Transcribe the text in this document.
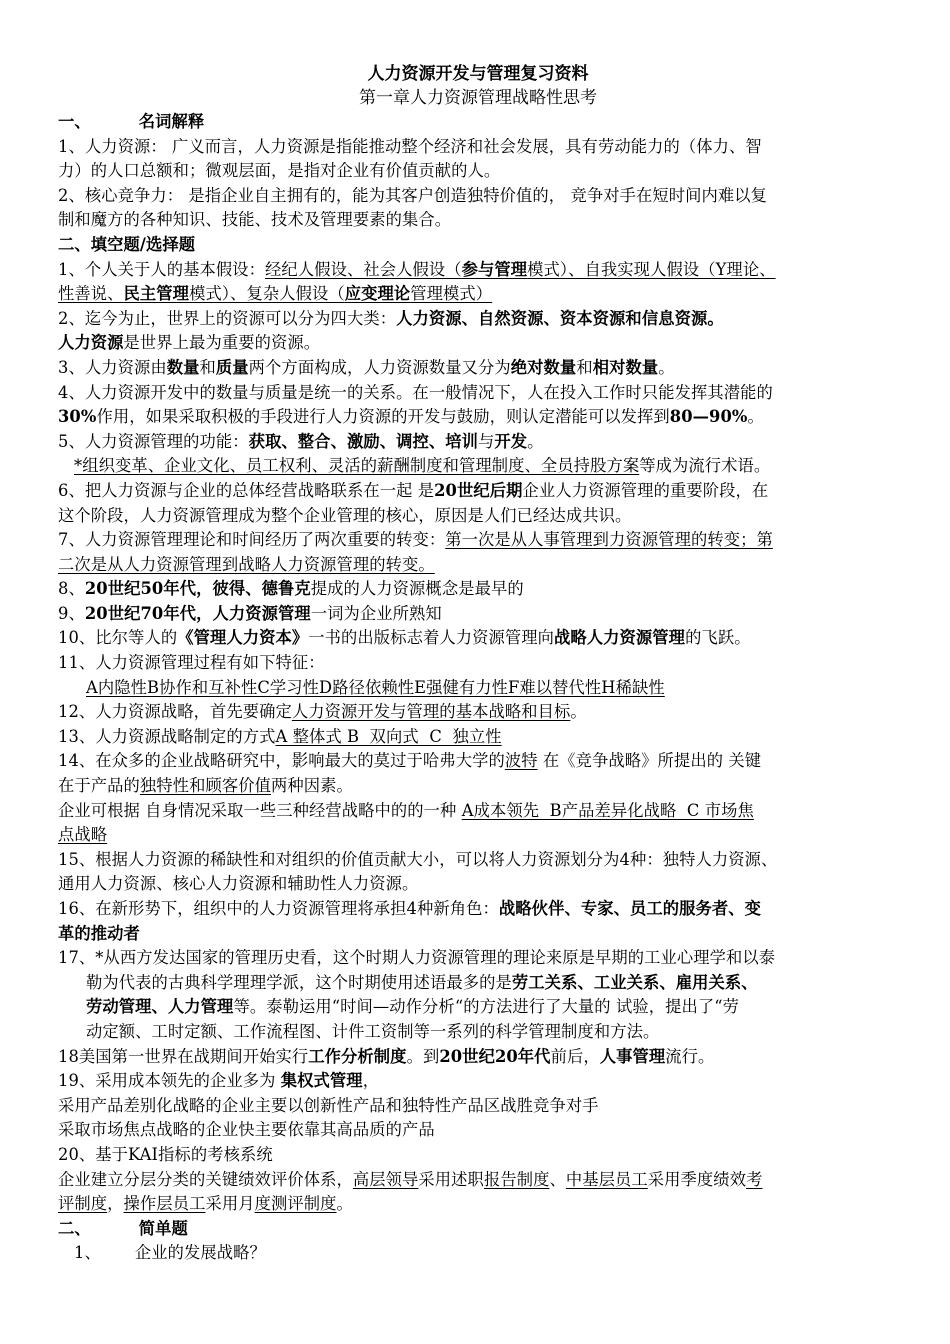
人力资源开发与管理复习资料
第一章人力资源管理战略性思考
一、	名词解释
1、人力资源： 广义而言，人力资源是指能推动整个经济和社会发展，具有劳动能力的（体力、智
力）的人口总额和；微观层面，是指对企业有价值贡献的人。
2、核心竞争力： 是指企业自主拥有的，能为其客户创造独特价值的， 竞争对手在短时间内难以复
制和魔方的各种知识、技能、技术及管理要素的集合。
二、填空题/选择题
1、个人关于人的基本假设：经纪人假设、社会人假设（参与管理模式）、自我实现人假设（Y理论、
性善说、民主管理模式）、复杂人假设（应变理论管理模式）
2、迄今为止，世界上的资源可以分为四大类：人力资源、自然资源、资本资源和信息资源。
人力资源是世界上最为重要的资源。
3、人力资源由数量和质量两个方面构成，人力资源数量又分为绝对数量和相对数量。
4、人力资源开发中的数量与质量是统一的关系。在一般情况下，人在投入工作时只能发挥其潜能的
30%作用，如果采取积极的手段进行人力资源的开发与鼓励，则认定潜能可以发挥到80—90%。
5、人力资源管理的功能：获取、整合、激励、调控、培训与开发。
*组织变革、企业文化、员工权利、灵活的薪酬制度和管理制度、全员持股方案等成为流行术语。
6、把人力资源与企业的总体经营战略联系在一起 是20世纪后期企业人力资源管理的重要阶段，在
这个阶段，人力资源管理成为整个企业管理的核心，原因是人们已经达成共识。
7、人力资源管理理论和时间经历了两次重要的转变：第一次是从人事管理到力资源管理的转变；第
二次是从人力资源管理到战略人力资源管理的转变。
8、20世纪50年代，彼得、德鲁克提成的人力资源概念是最早的
9、20世纪70年代，人力资源管理一词为企业所熟知
10、比尔等人的《管理人力资本》一书的出版标志着人力资源管理向战略人力资源管理的飞跃。
11、人力资源管理过程有如下特征：
A内隐性B协作和互补性C学习性D路径依赖性E强健有力性F难以替代性H稀缺性
12、人力资源战略，首先要确定人力资源开发与管理的基本战略和目标。
13、人力资源战略制定的方式A 整体式 B  双向式  C  独立性
14、在众多的企业战略研究中，影响最大的莫过于哈弗大学的波特 在《竞争战略》所提出的 关键
在于产品的独特性和顾客价值两种因素。
企业可根据 自身情况采取一些三种经营战略中的的一种 A成本领先  B产品差异化战略  C 市场焦
点战略
15、根据人力资源的稀缺性和对组织的价值贡献大小，可以将人力资源划分为4种：独特人力资源、
通用人力资源、核心人力资源和辅助性人力资源。
16、在新形势下，组织中的人力资源管理将承担4种新角色：战略伙伴、专家、员工的服务者、变
革的推动者
17、*从西方发达国家的管理历史看，这个时期人力资源管理的理论来原是早期的工业心理学和以泰
勒为代表的古典科学理理学派，这个时期使用述语最多的是劳工关系、工业关系、雇用关系、
劳动管理、人力管理等。泰勒运用“时间—动作分析“的方法进行了大量的 试验，提出了“劳
动定额、工时定额、工作流程图、计件工资制等一系列的科学管理制度和方法。
18美国第一世界在战期间开始实行工作分析制度。到20世纪20年代前后，人事管理流行。
19、采用成本领先的企业多为 集权式管理，
采用产品差别化战略的企业主要以创新性产品和独特性产品区战胜竞争对手
采取市场焦点战略的企业快主要依靠其高品质的产品
20、基于KAI指标的考核系统
企业建立分层分类的关键绩效评价体系，高层领导采用述职报告制度、中基层员工采用季度绩效考
评制度，操作层员工采用月度测评制度。
二、	简单题
1、 企业的发展战略？
